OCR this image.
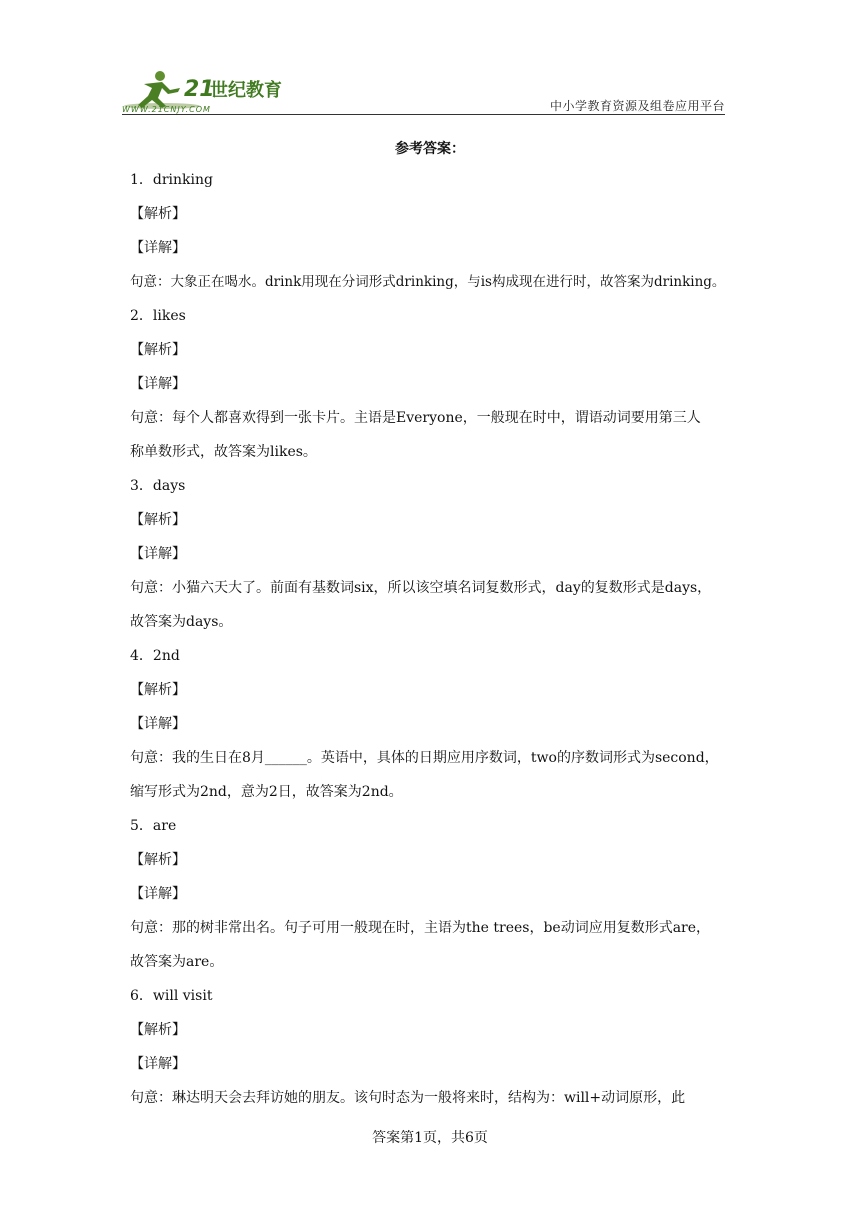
21
世纪教育
WWW.21CNJY.COM	中小学教育资源及组卷应用平台
参考答案：
1．drinking
【解析】
【详解】
句意：大象正在喝水。drink用现在分词形式drinking，与is构成现在进行时，故答案为drinking。
2．likes
【解析】
【详解】
句意：每个人都喜欢得到一张卡片。主语是Everyone，一般现在时中，谓语动词要用第三人
称单数形式，故答案为likes。
3．days
【解析】
【详解】
句意：小猫六天大了。前面有基数词six，所以该空填名词复数形式，day的复数形式是days，
故答案为days。
4．2nd
【解析】
【详解】
句意：我的生日在8月______。英语中，具体的日期应用序数词，two的序数词形式为second，
缩写形式为2nd，意为2日，故答案为2nd。
5．are
【解析】
【详解】
句意：那的树非常出名。句子可用一般现在时，主语为the trees，be动词应用复数形式are，
故答案为are。
6．will visit
【解析】
【详解】
句意：琳达明天会去拜访她的朋友。该句时态为一般将来时，结构为：will+动词原形，此
答案第1页，共6页
